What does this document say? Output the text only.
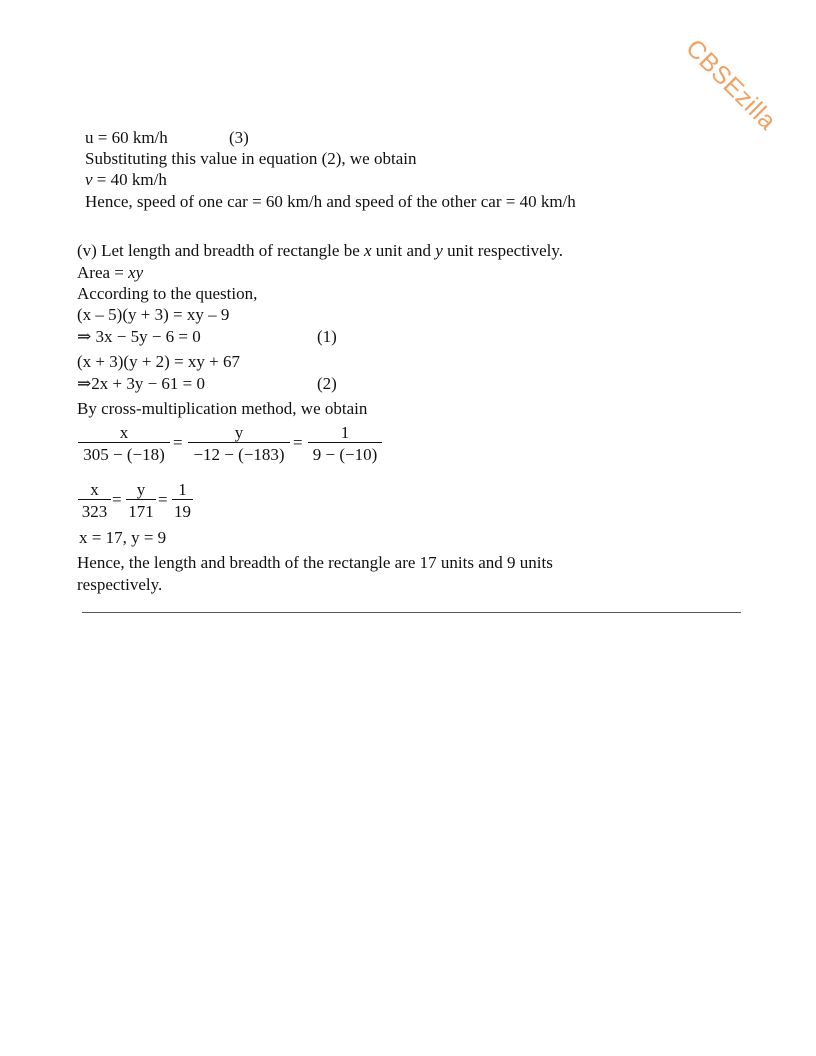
CBSEzilla
u = 60 km/h	(3)
Substituting this value in equation (2), we obtain
v = 40 km/h
Hence, speed of one car = 60 km/h and speed of the other car = 40 km/h
(v) Let length and breadth of rectangle be x unit and y unit respectively.
Area = xy
According to the question,
(x – 5)(y + 3) = xy – 9
⇒ 3x − 5y − 6 = 0	(1)
(x + 3)(y + 2) = xy + 67
⇒2x + 3y − 61 = 0	(2)
By cross-multiplication method, we obtain
$\frac{x}{305 - (-18)} = \frac{y}{-12 - (-183)} = \frac{1}{9 - (-10)}$
$\frac{x}{323} = \frac{y}{171} = \frac{1}{19}$
x = 17, y = 9
Hence, the length and breadth of the rectangle are 17 units and 9 units
respectively.
